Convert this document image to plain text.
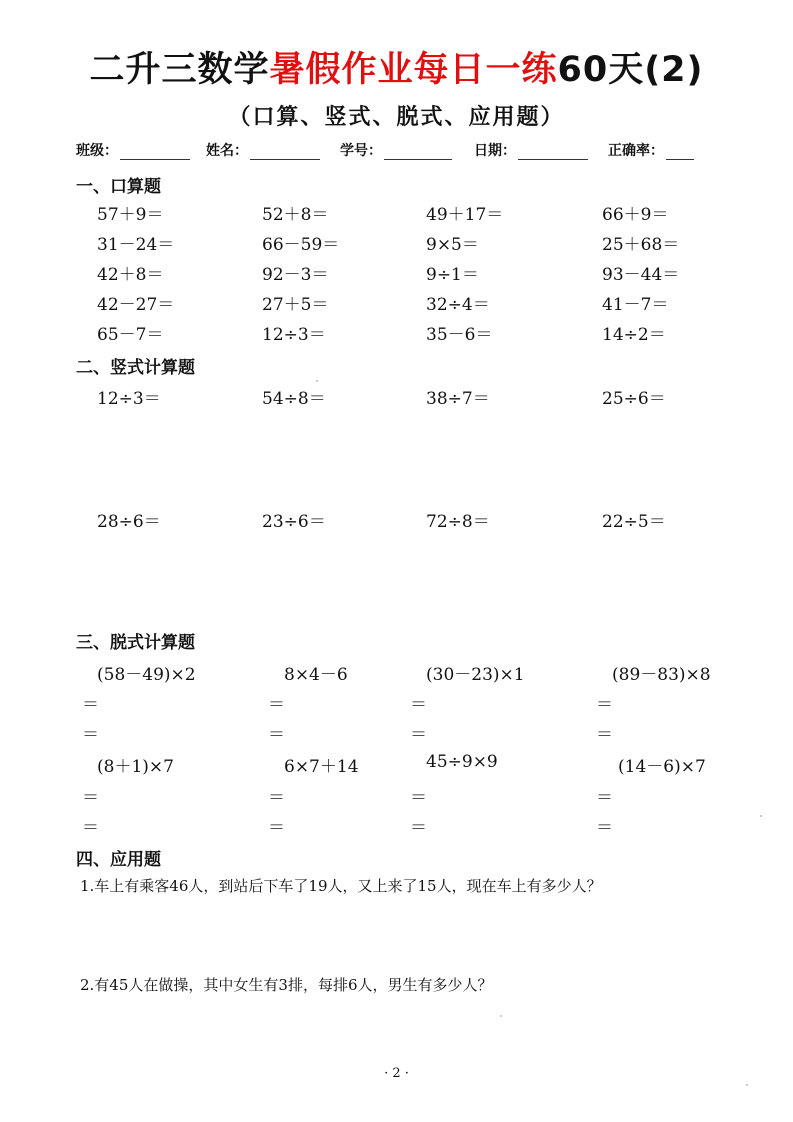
二升三数学暑假作业每日一练60天(2)
（口算、竖式、脱式、应用题）
班级：	姓名：	学号：	日期：	正确率：
一、口算题
57＋9＝	52＋8＝	49＋17＝	66＋9＝
31－24＝	66－59＝	9×5＝	25＋68＝
42＋8＝	92－3＝	9÷1＝	93－44＝
42－27＝	27＋5＝	32÷4＝	41－7＝
65－7＝	12÷3＝	35－6＝	14÷2＝
二、竖式计算题
12÷3＝	54÷8＝	38÷7＝	25÷6＝
28÷6＝	23÷6＝	72÷8＝	22÷5＝
三、脱式计算题
(58－49)×2	8×4－6	(30－23)×1	(89－83)×8
＝	＝	＝	＝
＝	＝	＝	＝
(8＋1)×7	6×7＋14	45÷9×9	(14－6)×7
＝	＝	＝	＝
＝	＝	＝	＝
四、应用题
1.车上有乘客46人，到站后下车了19人，又上来了15人，现在车上有多少人？
2.有45人在做操，其中女生有3排，每排6人，男生有多少人？
· 2 ·
